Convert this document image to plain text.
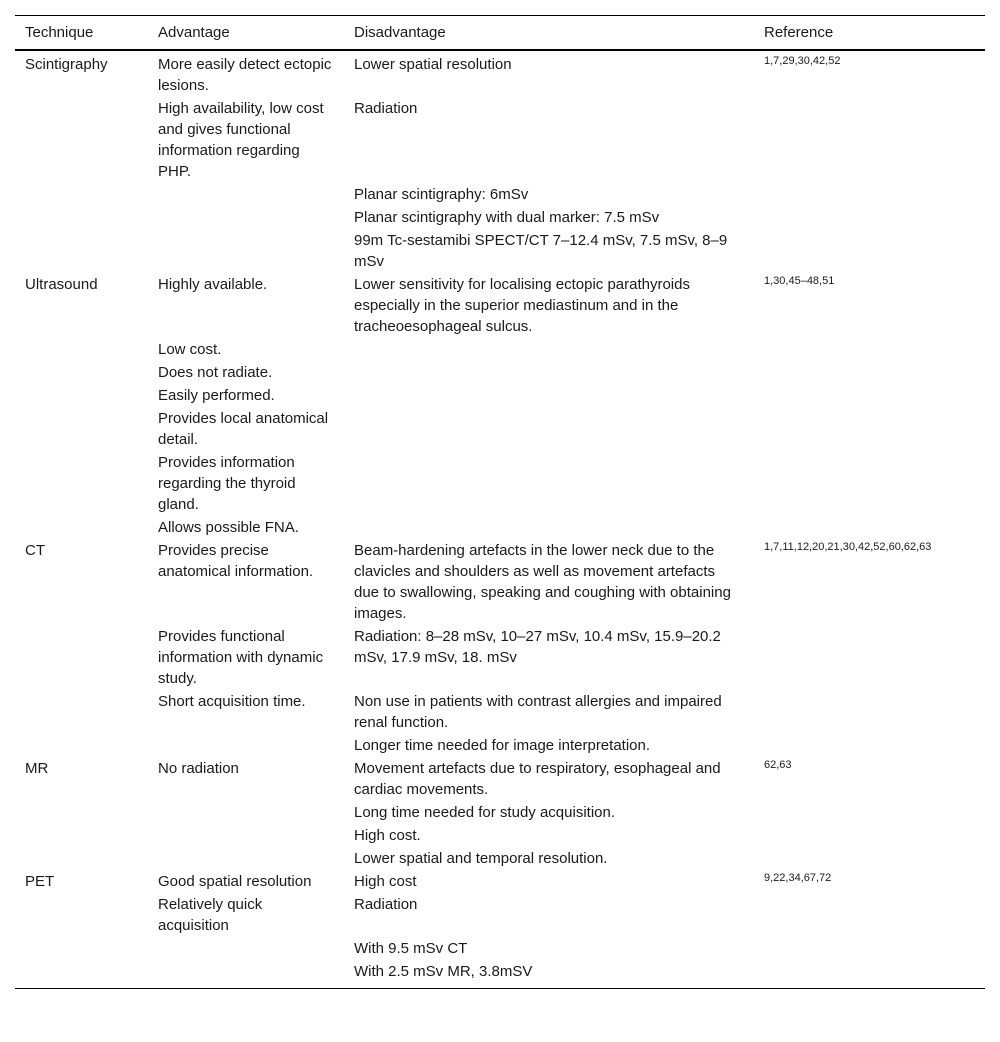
Technique	Advantage	Disadvantage	Reference
Scintigraphy	More easily detect ectopic lesions.	Lower spatial resolution	1,7,29,30,42,52
	High availability, low cost and gives functional information regarding PHP.	Radiation	
		Planar scintigraphy: 6mSv	
		Planar scintigraphy with dual marker: 7.5 mSv	
		99m Tc-sestamibi SPECT/CT 7–12.4 mSv, 7.5 mSv, 8–9 mSv	
Ultrasound	Highly available.	Lower sensitivity for localising ectopic parathyroids especially in the superior mediastinum and in the tracheoesophageal sulcus.	1,30,45–48,51
	Low cost.		
	Does not radiate.		
	Easily performed.		
	Provides local anatomical detail.		
	Provides information regarding the thyroid gland.		
	Allows possible FNA.		
CT	Provides precise anatomical information.	Beam-hardening artefacts in the lower neck due to the clavicles and shoulders as well as movement artefacts due to swallowing, speaking and coughing with obtaining images.	1,7,11,12,20,21,30,42,52,60,62,63
	Provides functional information with dynamic study.	Radiation: 8–28 mSv, 10–27 mSv, 10.4 mSv, 15.9–20.2 mSv, 17.9 mSv, 18. mSv	
	Short acquisition time.	Non use in patients with contrast allergies and impaired renal function.	
		Longer time needed for image interpretation.	
MR	No radiation	Movement artefacts due to respiratory, esophageal and cardiac movements.	62,63
		Long time needed for study acquisition.	
		High cost.	
		Lower spatial and temporal resolution.	
PET	Good spatial resolution	High cost	9,22,34,67,72
	Relatively quick acquisition	Radiation	
		With 9.5 mSv CT	
		With 2.5 mSv MR, 3.8mSV	
